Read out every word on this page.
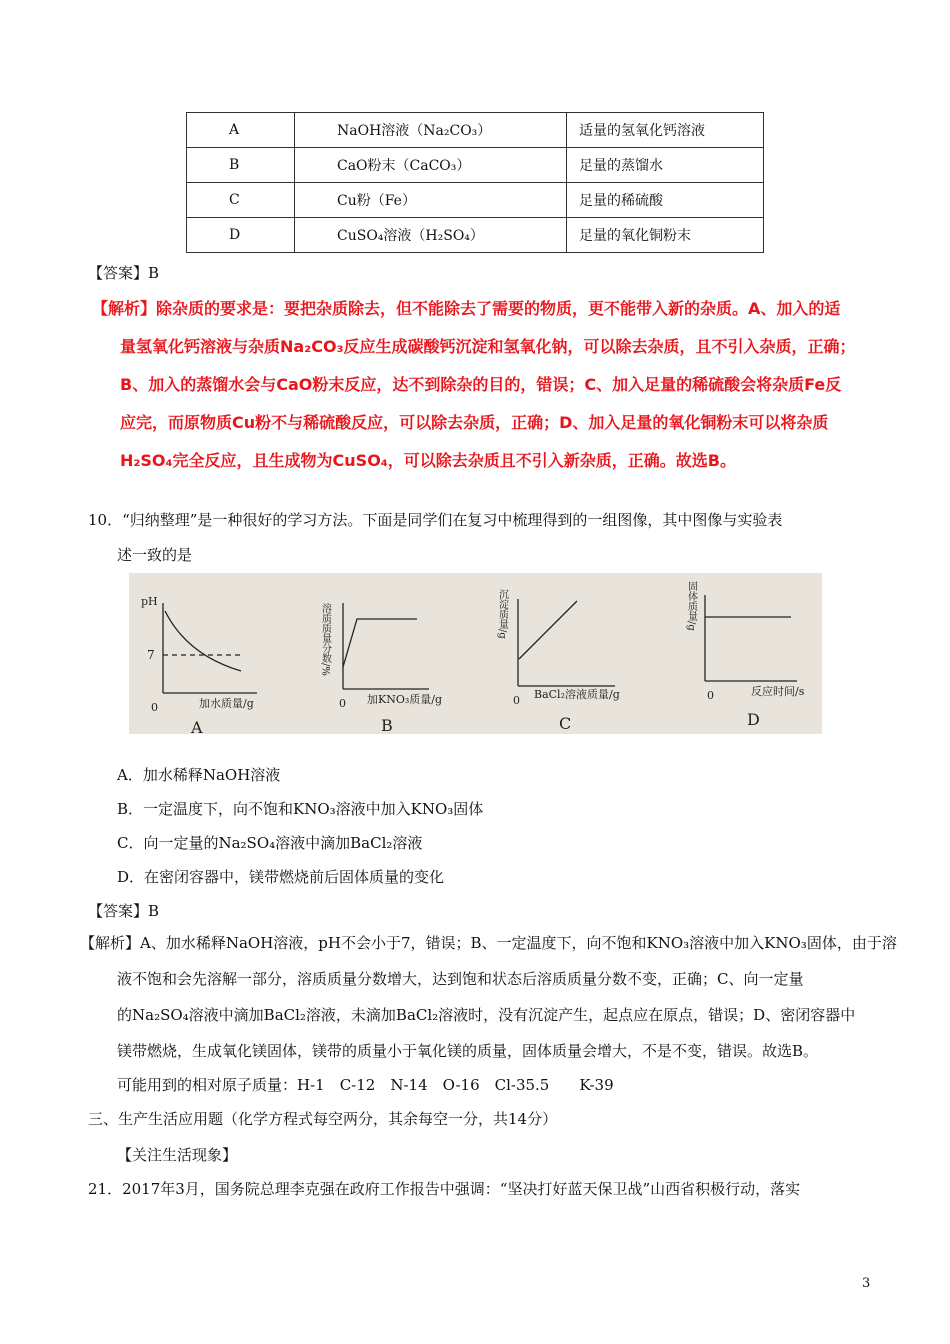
A	NaOH溶液（Na₂CO₃）	适量的氢氧化钙溶液
B	CaO粉末（CaCO₃）	足量的蒸馏水
C	Cu粉（Fe）	足量的稀硫酸
D	CuSO₄溶液（H₂SO₄）	足量的氧化铜粉末
【答案】B
【解析】除杂质的要求是：要把杂质除去，但不能除去了需要的物质，更不能带入新的杂质。A、加入的适
量氢氧化钙溶液与杂质Na₂CO₃反应生成碳酸钙沉淀和氢氧化钠，可以除去杂质，且不引入杂质，正确；
B、加入的蒸馏水会与CaO粉末反应，达不到除杂的目的，错误；C、加入足量的稀硫酸会将杂质Fe反
应完，而原物质Cu粉不与稀硫酸反应，可以除去杂质，正确；D、加入足量的氧化铜粉末可以将杂质
H₂SO₄完全反应，且生成物为CuSO₄，可以除去杂质且不引入新杂质，正确。故选B。
10．“归纳整理”是一种很好的学习方法。下面是同学们在复习中梳理得到的一组图像，其中图像与实验表
述一致的是
pH
7
0	加水质量/g
A
溶质质量分数/%
0 加KNO₃质量/g
B
沉淀质量/g
0 BaCl₂溶液质量/g
C
固体质量/g
0	反应时间/s
D
A．加水稀释NaOH溶液
B．一定温度下，向不饱和KNO₃溶液中加入KNO₃固体
C．向一定量的Na₂SO₄溶液中滴加BaCl₂溶液
D．在密闭容器中，镁带燃烧前后固体质量的变化
【答案】B
【解析】A、加水稀释NaOH溶液，pH不会小于7，错误；B、一定温度下，向不饱和KNO₃溶液中加入KNO₃固体，由于溶
液不饱和会先溶解一部分，溶质质量分数增大，达到饱和状态后溶质质量分数不变，正确；C、向一定量
的Na₂SO₄溶液中滴加BaCl₂溶液，未滴加BaCl₂溶液时，没有沉淀产生，起点应在原点，错误；D、密闭容器中
镁带燃烧，生成氧化镁固体，镁带的质量小于氧化镁的质量，固体质量会增大，不是不变，错误。故选B。
可能用到的相对原子质量：H-1　C-12　N-14　O-16　Cl-35.5　　K-39
三、生产生活应用题（化学方程式每空两分，其余每空一分，共14分）
【关注生活现象】
21．2017年3月，国务院总理李克强在政府工作报告中强调：“坚决打好蓝天保卫战”山西省积极行动，落实
3
